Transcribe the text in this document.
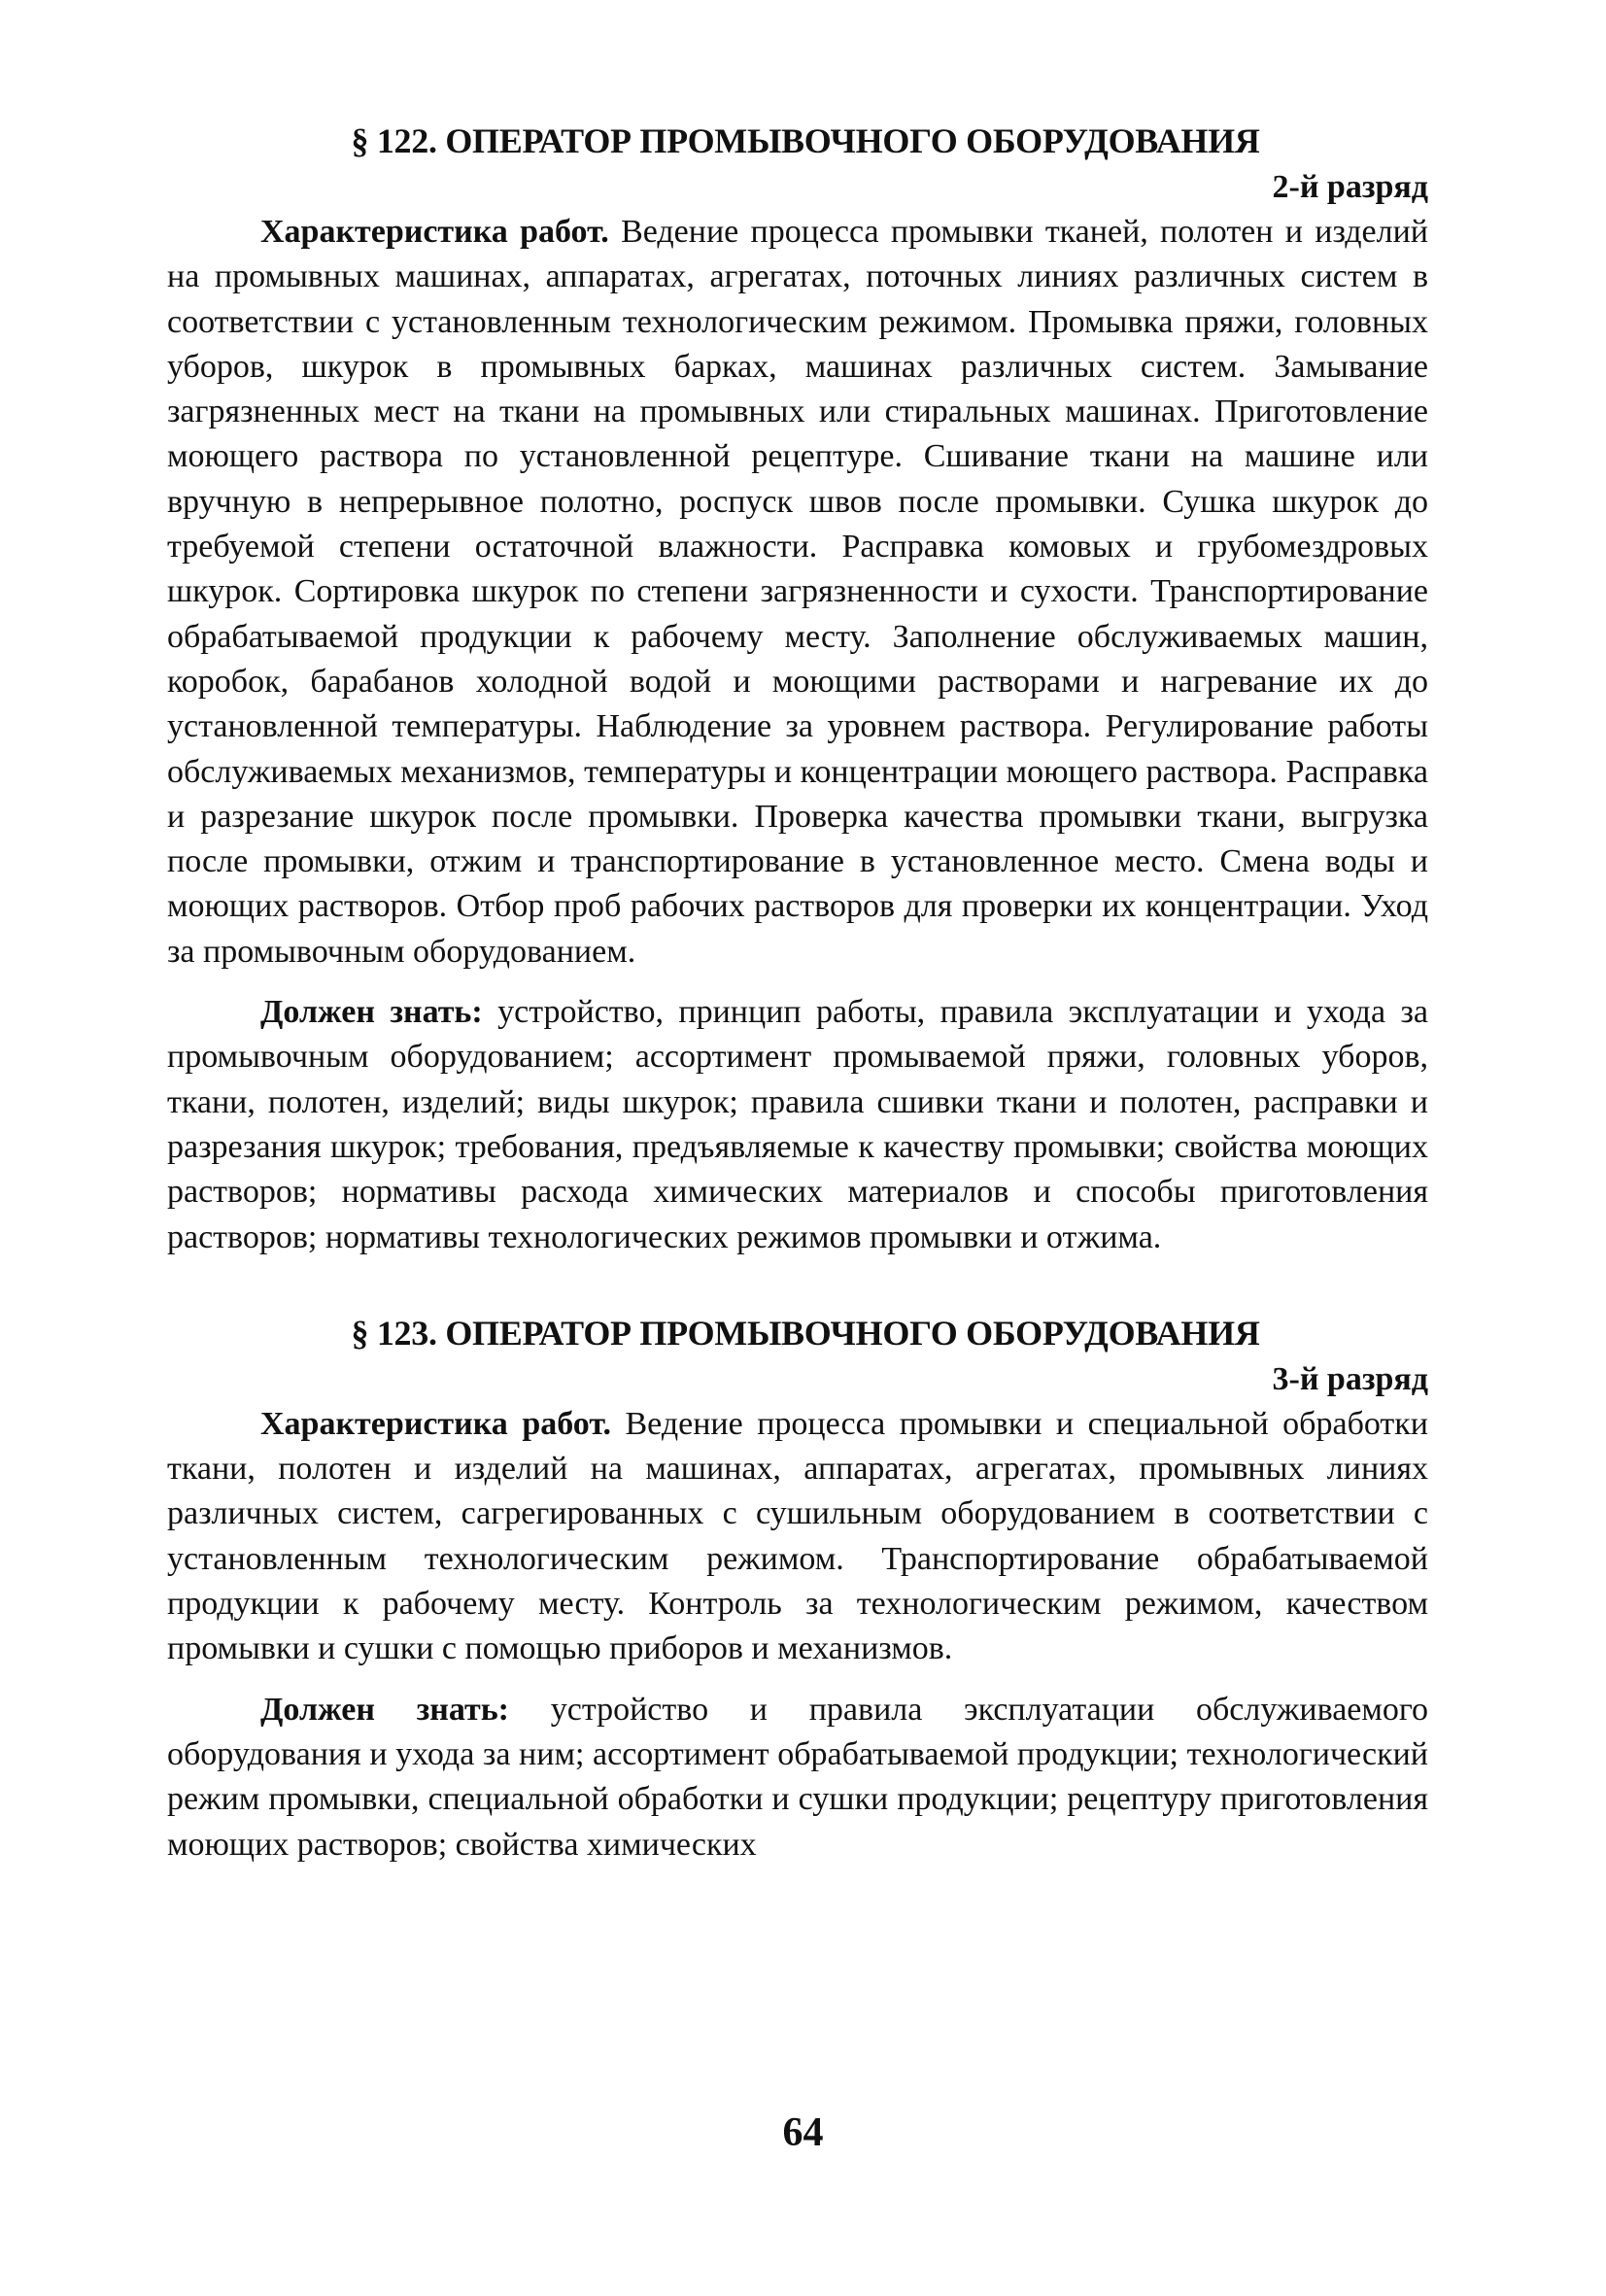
§ 122. ОПЕРАТОР ПРОМЫВОЧНОГО ОБОРУДОВАНИЯ

2-й разряд

Характеристика работ. Ведение процесса промывки тканей, полотен и изделий на промывных машинах, аппаратах, агрегатах, поточных линиях различных систем в соответствии с установленным технологическим режимом. Промывка пряжи, головных уборов, шкурок в промывных барках, машинах различных систем. Замывание загрязненных мест на ткани на промывных или стиральных машинах. Приготовление моющего раствора по установленной рецептуре. Сшивание ткани на машине или вручную в непрерывное полотно, роспуск швов после промывки. Сушка шкурок до требуемой степени остаточной влажности. Расправка комовых и грубомездровых шкурок. Сортировка шкурок по степени загрязненности и сухости. Транспортирование обрабатываемой продукции к рабочему месту. Заполнение обслуживаемых машин, коробок, барабанов холодной водой и моющими растворами и нагревание их до установленной температуры. Наблюдение за уровнем раствора. Регулирование работы обслуживаемых механизмов, температуры и концентрации моющего раствора. Расправка и разрезание шкурок после промывки. Проверка качества промывки ткани, выгрузка после промывки, отжим и транспортирование в установленное место. Смена воды и моющих растворов. Отбор проб рабочих растворов для проверки их концентрации. Уход за промывочным оборудованием.

Должен знать: устройство, принцип работы, правила эксплуатации и ухода за промывочным оборудованием; ассортимент промываемой пряжи, головных уборов, ткани, полотен, изделий; виды шкурок; правила сшивки ткани и полотен, расправки и разрезания шкурок; требования, предъявляемые к качеству промывки; свойства моющих растворов; нормативы расхода химических материалов и способы приготовления растворов; нормативы технологических режимов промывки и отжима.

§ 123. ОПЕРАТОР ПРОМЫВОЧНОГО ОБОРУДОВАНИЯ

3-й разряд

Характеристика работ. Ведение процесса промывки и специальной обработки ткани, полотен и изделий на машинах, аппаратах, агрегатах, промывных линиях различных систем, сагрегированных с сушильным оборудованием в соответствии с установленным технологическим режимом. Транспортирование обрабатываемой продукции к рабочему месту. Контроль за технологическим режимом, качеством промывки и сушки с помощью приборов и механизмов.

Должен знать: устройство и правила эксплуатации обслуживаемого оборудования и ухода за ним; ассортимент обрабатываемой продукции; технологический режим промывки, специальной обработки и сушки продукции; рецептуру приготовления моющих растворов; свойства химических

64
